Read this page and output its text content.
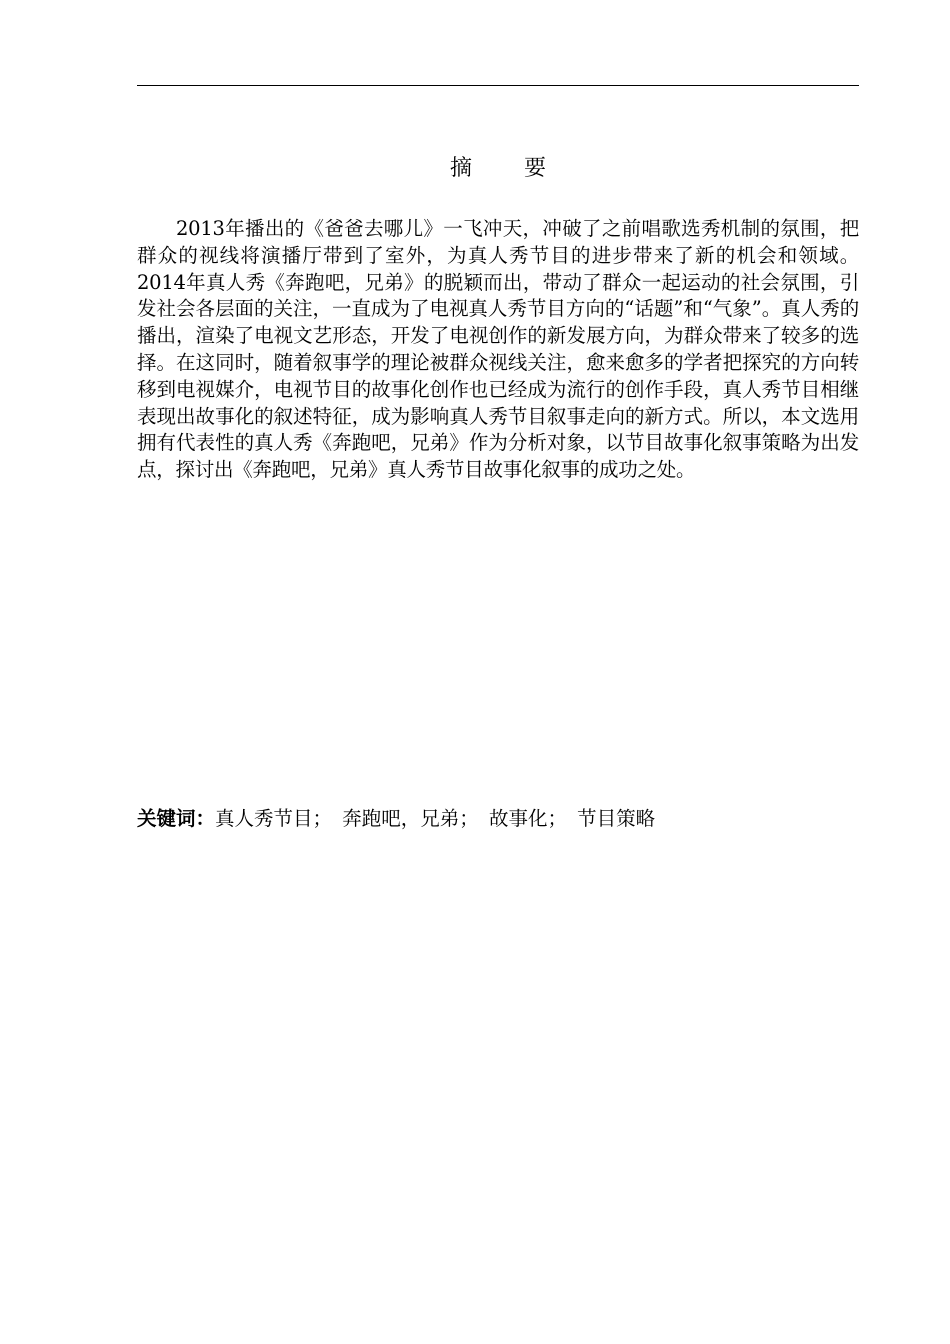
摘 要

2013年播出的《爸爸去哪儿》一飞冲天，冲破了之前唱歌选秀机制的氛围，把群众的视线将演播厅带到了室外，为真人秀节目的进步带来了新的机会和领域。2014年真人秀《奔跑吧，兄弟》的脱颖而出，带动了群众一起运动的社会氛围，引发社会各层面的关注，一直成为了电视真人秀节目方向的“话题”和“气象”。真人秀的播出，渲染了电视文艺形态，开发了电视创作的新发展方向，为群众带来了较多的选择。在这同时，随着叙事学的理论被群众视线关注，愈来愈多的学者把探究的方向转移到电视媒介，电视节目的故事化创作也已经成为流行的创作手段，真人秀节目相继表现出故事化的叙述特征，成为影响真人秀节目叙事走向的新方式。所以，本文选用拥有代表性的真人秀《奔跑吧，兄弟》作为分析对象，以节目故事化叙事策略为出发点，探讨出《奔跑吧，兄弟》真人秀节目故事化叙事的成功之处。

关键词：真人秀节目； 奔跑吧，兄弟； 故事化； 节目策略
